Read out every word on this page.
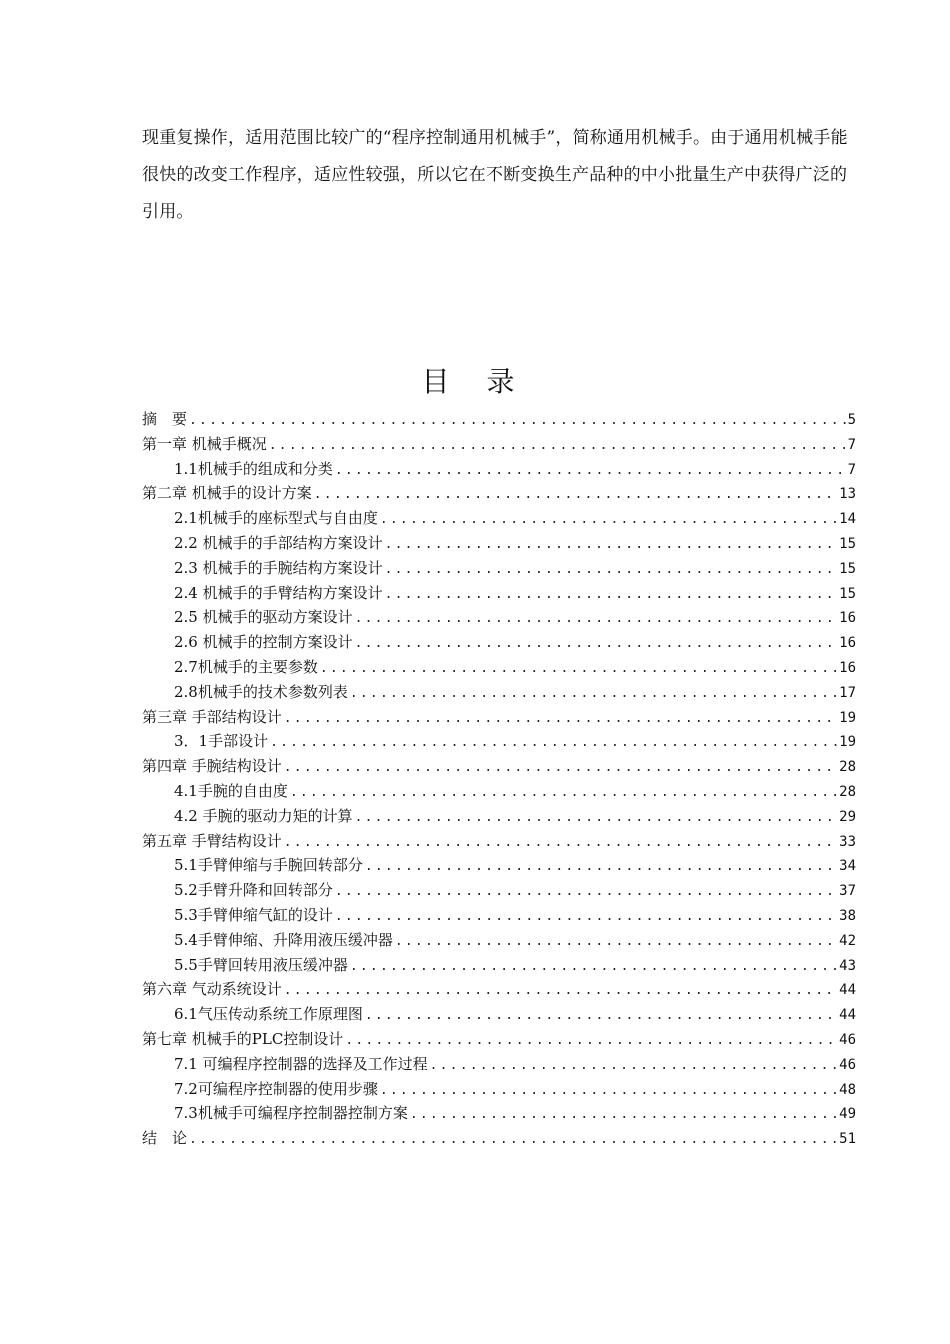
现重复操作，适用范围比较广的“程序控制通用机械手”，简称通用机械手。由于通用机械手能很快的改变工作程序，适应性较强，所以它在不断变换生产品种的中小批量生产中获得广泛的引用。

目 录
摘　要 .....	5
第一章 机械手概况 .....	7
1.1机械手的组成和分类 .....	7
第二章 机械手的设计方案 .....	13
2.1机械手的座标型式与自由度 .....	14
2.2 机械手的手部结构方案设计 .....	15
2.3 机械手的手腕结构方案设计 .....	15
2.4 机械手的手臂结构方案设计 .....	15
2.5 机械手的驱动方案设计 .....	16
2.6 机械手的控制方案设计 .....	16
2.7机械手的主要参数 .....	16
2.8机械手的技术参数列表 .....	17
第三章 手部结构设计 .....	19
3．1手部设计 .....	19
第四章 手腕结构设计 .....	28
4.1手腕的自由度 .....	28
4.2 手腕的驱动力矩的计算 .....	29
第五章 手臂结构设计 .....	33
5.1手臂伸缩与手腕回转部分 .....	34
5.2手臂升降和回转部分 .....	37
5.3手臂伸缩气缸的设计 .....	38
5.4手臂伸缩、升降用液压缓冲器 .....	42
5.5手臂回转用液压缓冲器 .....	43
第六章 气动系统设计 .....	44
6.1气压传动系统工作原理图 .....	44
第七章 机械手的PLC控制设计 .....	46
7.1 可编程序控制器的选择及工作过程 .....	46
7.2可编程序控制器的使用步骤 .....	48
7.3机械手可编程序控制器控制方案 .....	49
结　论 .....	51
